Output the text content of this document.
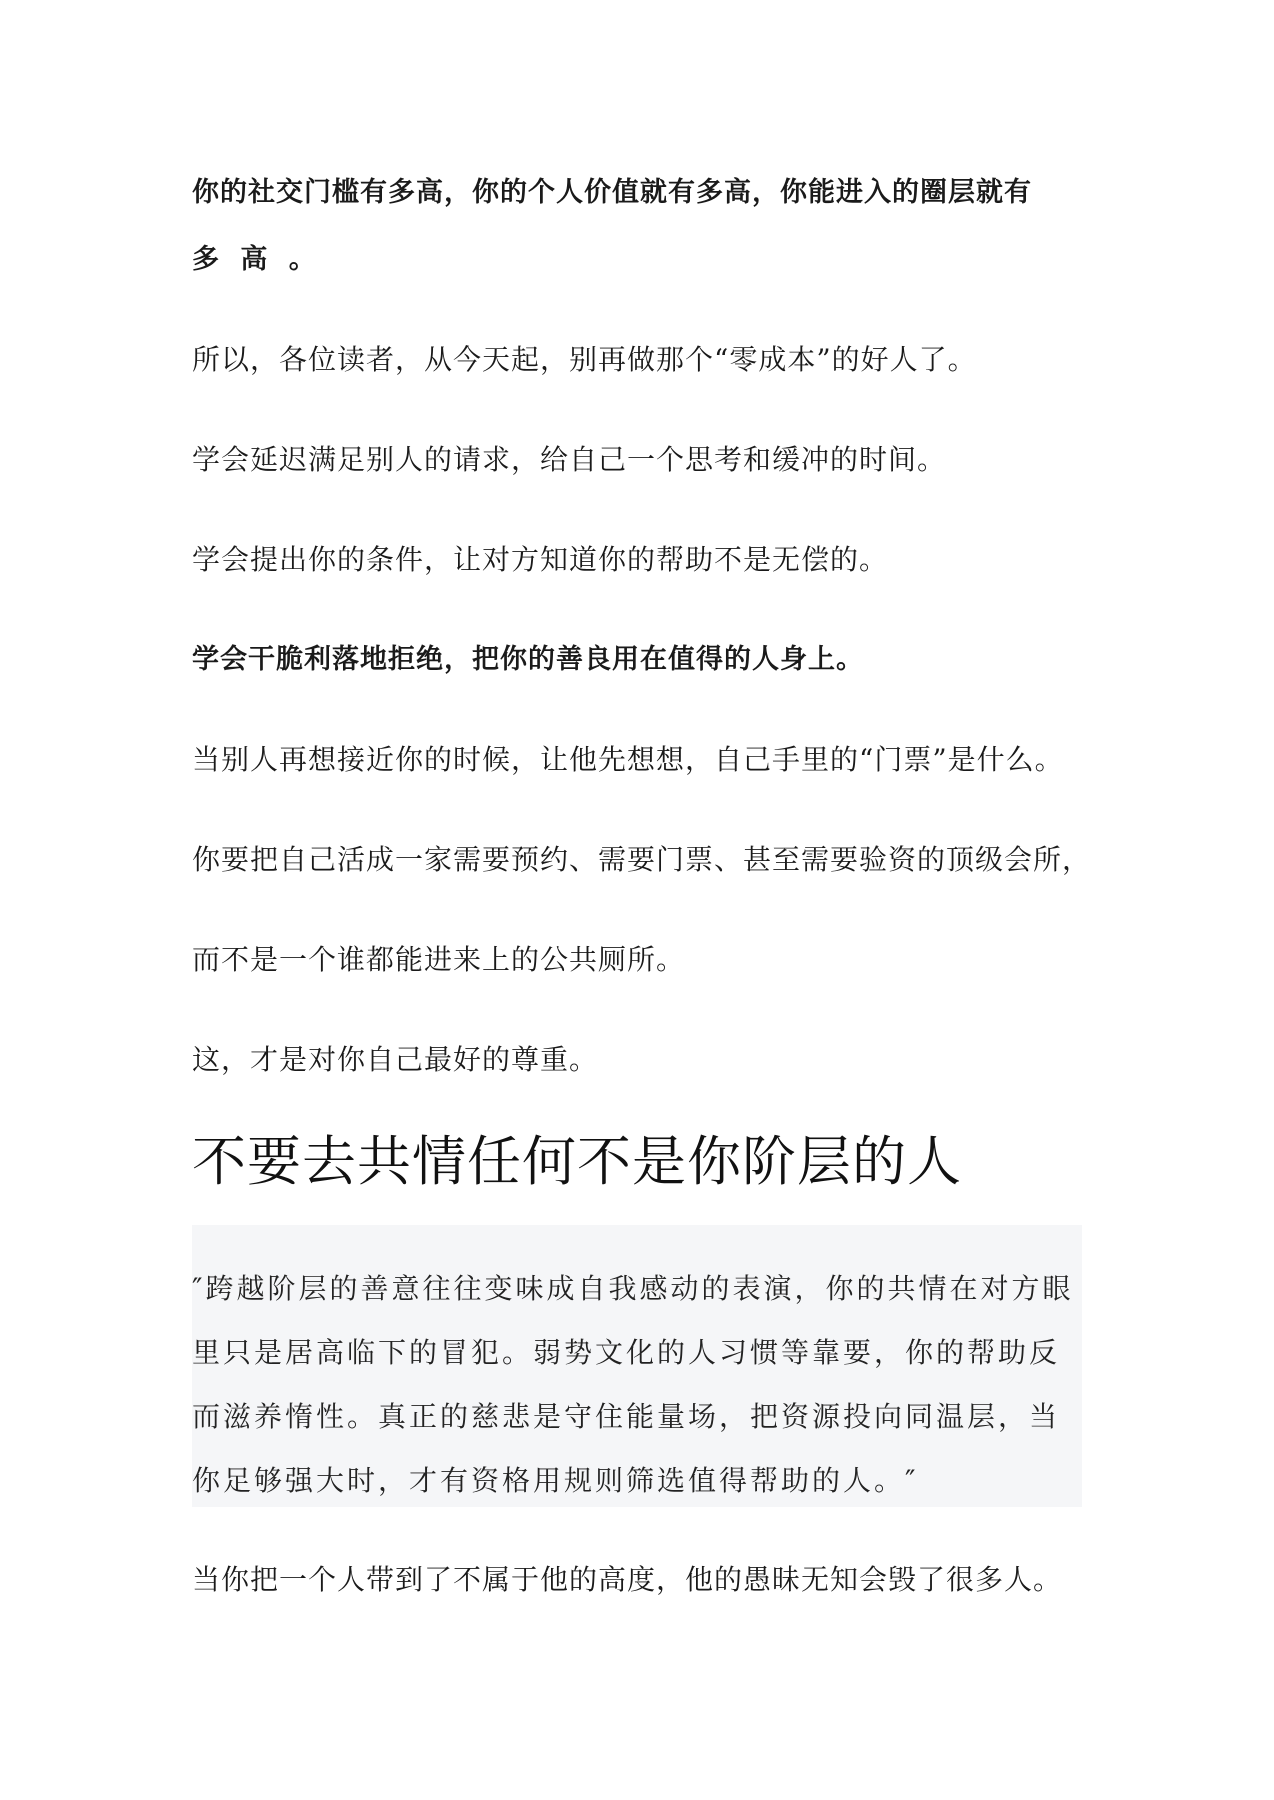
你的社交门槛有多高，你的个人价值就有多高，你能进入的圈层就有

多 高 。

所以，各位读者，从今天起，别再做那个“零成本”的好人了。

学会延迟满足别人的请求，给自己一个思考和缓冲的时间。

学会提出你的条件，让对方知道你的帮助不是无偿的。

学会干脆利落地拒绝，把你的善良用在值得的人身上。

当别人再想接近你的时候，让他先想想，自己手里的“门票”是什么。

你要把自己活成一家需要预约、需要门票、甚至需要验资的顶级会所，

而不是一个谁都能进来上的公共厕所。

这，才是对你自己最好的尊重。

不要去共情任何不是你阶层的人

″跨越阶层的善意往往变味成自我感动的表演，你的共情在对方眼

里只是居高临下的冒犯。弱势文化的人习惯等靠要，你的帮助反

而滋养惰性。真正的慈悲是守住能量场，把资源投向同温层，当

你足够强大时，才有资格用规则筛选值得帮助的人。″

当你把一个人带到了不属于他的高度，他的愚昧无知会毁了很多人。
